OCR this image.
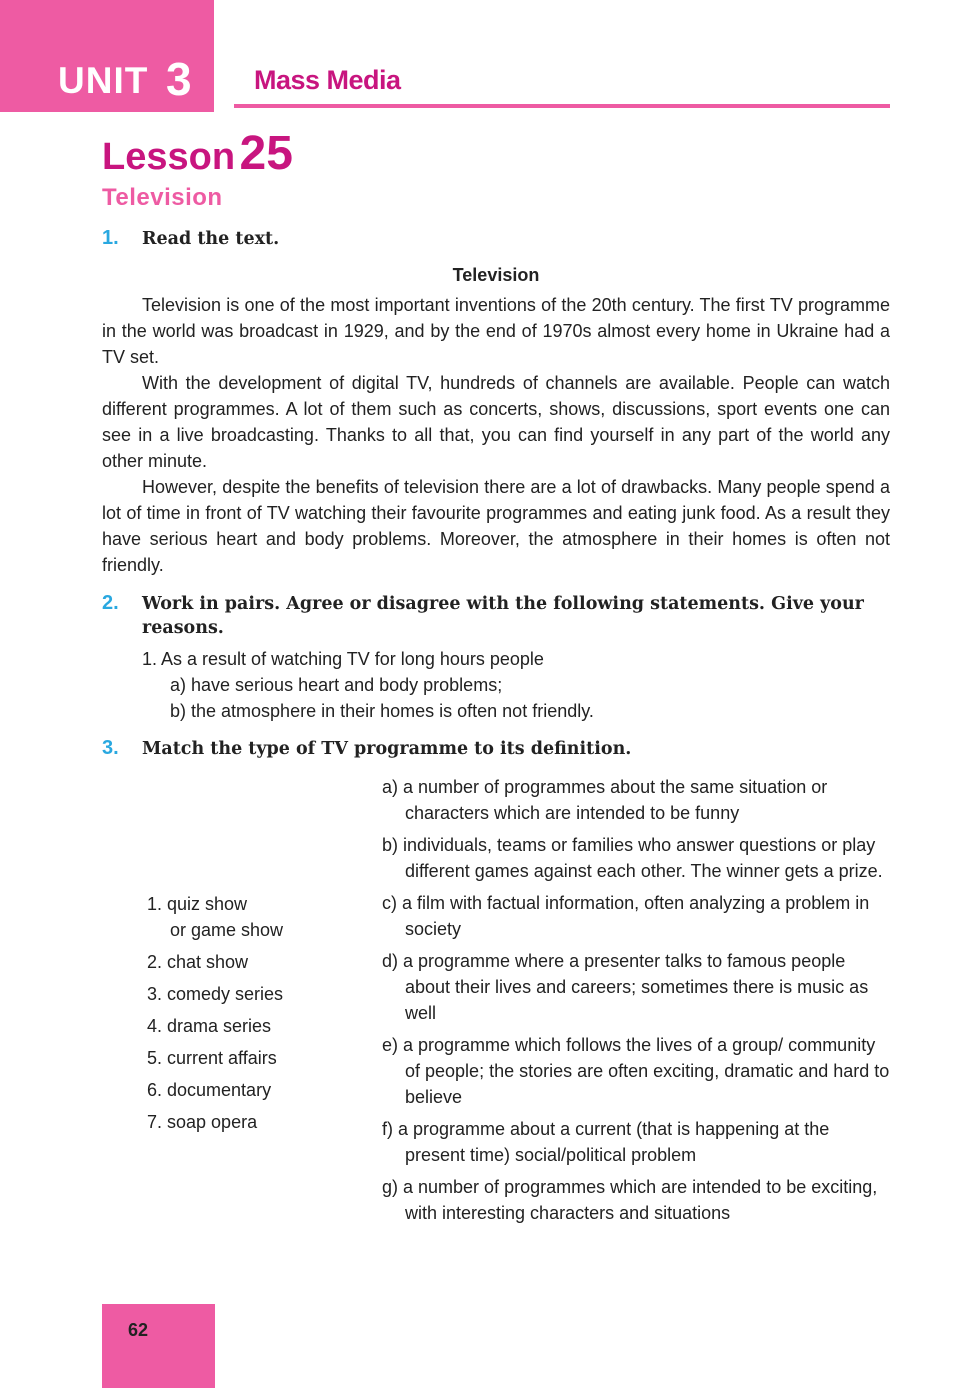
UNIT 3 Mass Media
Lesson 25
Television
1. Read the text.
Television

Television is one of the most important inventions of the 20th century. The first TV programme in the world was broadcast in 1929, and by the end of 1970s almost every home in Ukraine had a TV set.

With the development of digital TV, hundreds of channels are available. People can watch different programmes. A lot of them such as concerts, shows, discussions, sport events one can see in a live broadcasting. Thanks to all that, you can find yourself in any part of the world any other minute.

However, despite the benefits of television there are a lot of drawbacks. Many people spend a lot of time in front of TV watching their favourite programmes and eating junk food. As a result they have serious heart and body problems. Moreover, the atmosphere in their homes is often not friendly.

2. Work in pairs. Agree or disagree with the following statements. Give your reasons.
1. As a result of watching TV for long hours people
a) have serious heart and body problems;
b) the atmosphere in their homes is often not friendly.
3. Match the type of TV programme to its definition.
1. quiz show
or game show
2. chat show
3. comedy series
4. drama series
5. current affairs
6. documentary
7. soap opera
a) a number of programmes about the same situation or characters which are intended to be funny
b) individuals, teams or families who answer questions or play different games against each other. The winner gets a prize.
c) a film with factual information, often analyzing a problem in society
d) a programme where a presenter talks to famous people about their lives and careers; sometimes there is music as well
e) a programme which follows the lives of a group/ community of people; the stories are often exciting, dramatic and hard to believe
f) a programme about a current (that is happening at the present time) social/political problem
g) a number of programmes which are intended to be exciting, with interesting characters and situations
62
